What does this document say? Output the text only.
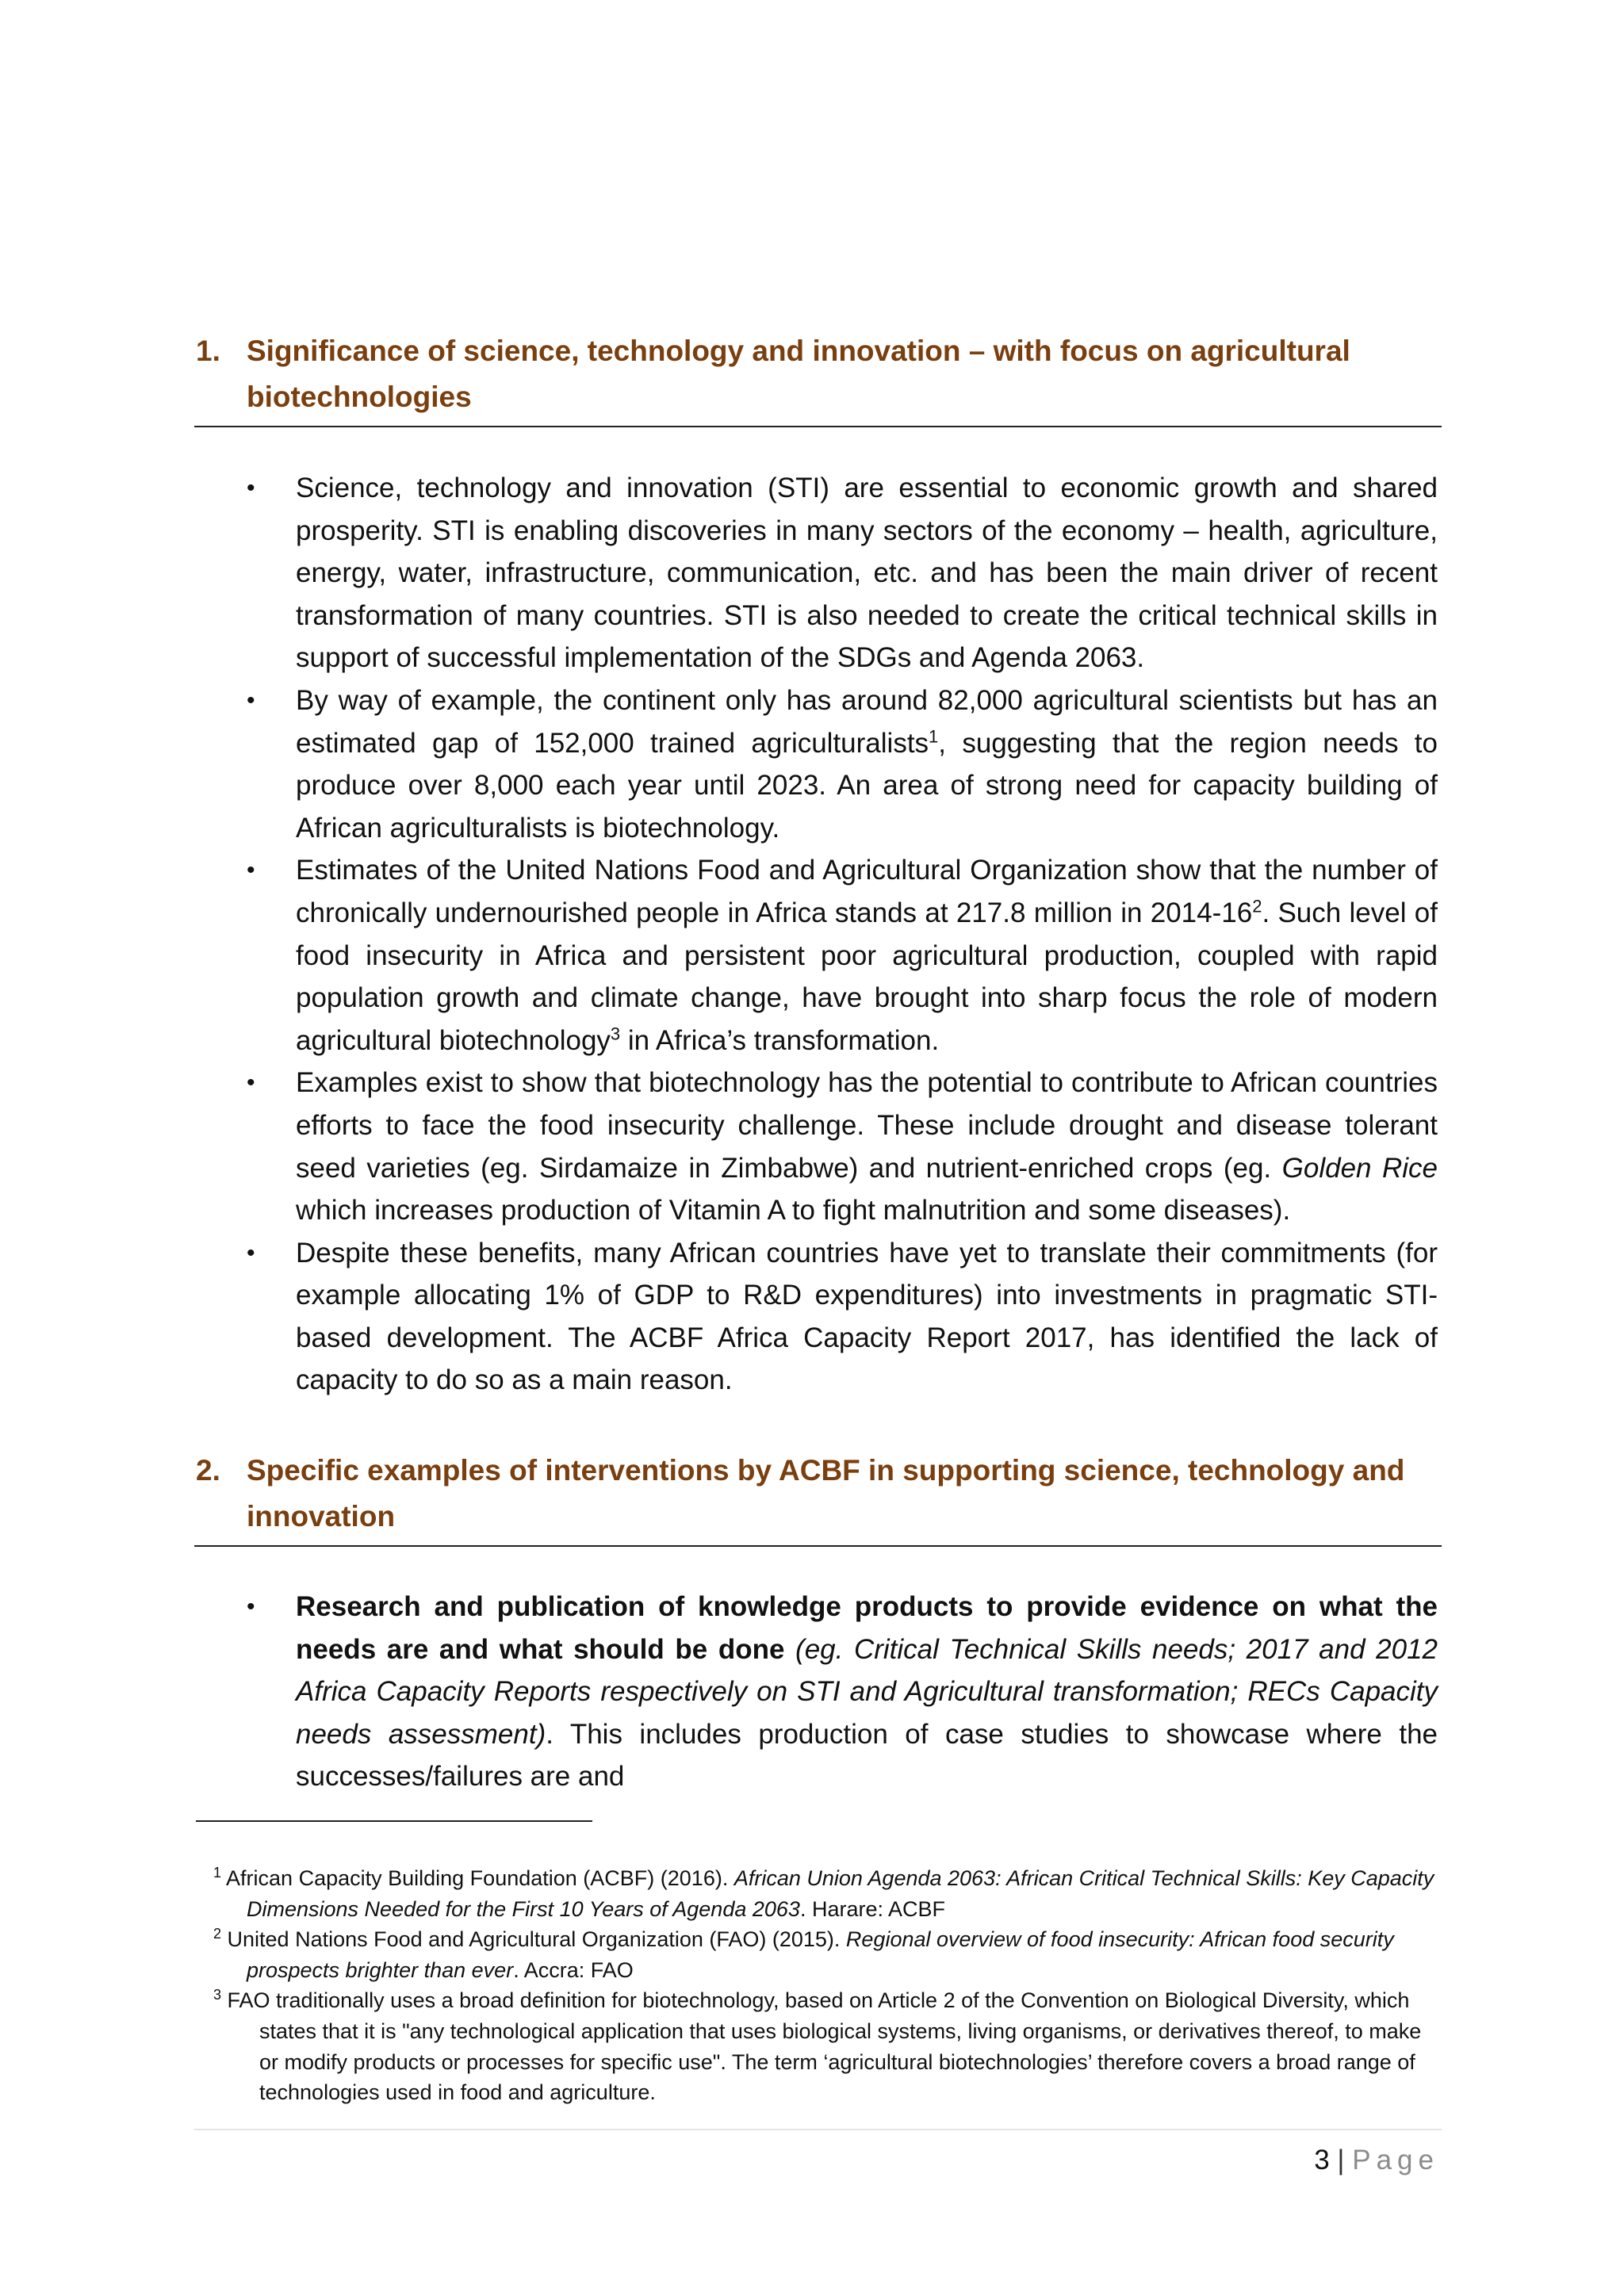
1. Significance of science, technology and innovation – with focus on agricultural biotechnologies
• Science, technology and innovation (STI) are essential to economic growth and shared prosperity. STI is enabling discoveries in many sectors of the economy – health, agriculture, energy, water, infrastructure, communication, etc. and has been the main driver of recent transformation of many countries. STI is also needed to create the critical technical skills in support of successful implementation of the SDGs and Agenda 2063.
• By way of example, the continent only has around 82,000 agricultural scientists but has an estimated gap of 152,000 trained agriculturalists$^1$, suggesting that the region needs to produce over 8,000 each year until 2023. An area of strong need for capacity building of African agriculturalists is biotechnology.
• Estimates of the United Nations Food and Agricultural Organization show that the number of chronically undernourished people in Africa stands at 217.8 million in $2014-16^2$. Such level of food insecurity in Africa and persistent poor agricultural production, coupled with rapid population growth and climate change, have brought into sharp focus the role of modern agricultural biotechnology$^3$ in Africa’s transformation.
• Examples exist to show that biotechnology has the potential to contribute to African countries efforts to face the food insecurity challenge. These include drought and disease tolerant seed varieties (eg. Sirdamaize in Zimbabwe) and nutrient-enriched crops (eg. Golden Rice which increases production of Vitamin A to fight malnutrition and some diseases).
• Despite these benefits, many African countries have yet to translate their commitments (for example allocating 1% of GDP to R&D expenditures) into investments in pragmatic STI-based development. The ACBF Africa Capacity Report 2017, has identified the lack of capacity to do so as a main reason.
2. Specific examples of interventions by ACBF in supporting science, technology and innovation
• Research and publication of knowledge products to provide evidence on what the needs are and what should be done (eg. Critical Technical Skills needs; 2017 and 2012 Africa Capacity Reports respectively on STI and Agricultural transformation; RECs Capacity needs assessment). This includes production of case studies to showcase where the successes/failures are and

$^1$ African Capacity Building Foundation (ACBF) (2016). African Union Agenda 2063: African Critical Technical Skills: Key Capacity Dimensions Needed for the First 10 Years of Agenda 2063. Harare: ACBF

$^2$ United Nations Food and Agricultural Organization (FAO) (2015). Regional overview of food insecurity: African food security prospects brighter than ever. Accra: FAO

$^3$ FAO traditionally uses a broad definition for biotechnology, based on Article 2 of the Convention on Biological Diversity, which states that it is "any technological application that uses biological systems, living organisms, or derivatives thereof, to make or modify products or processes for specific use". The term ‘agricultural biotechnologies’ therefore covers a broad range of technologies used in food and agriculture.

3 | Page
